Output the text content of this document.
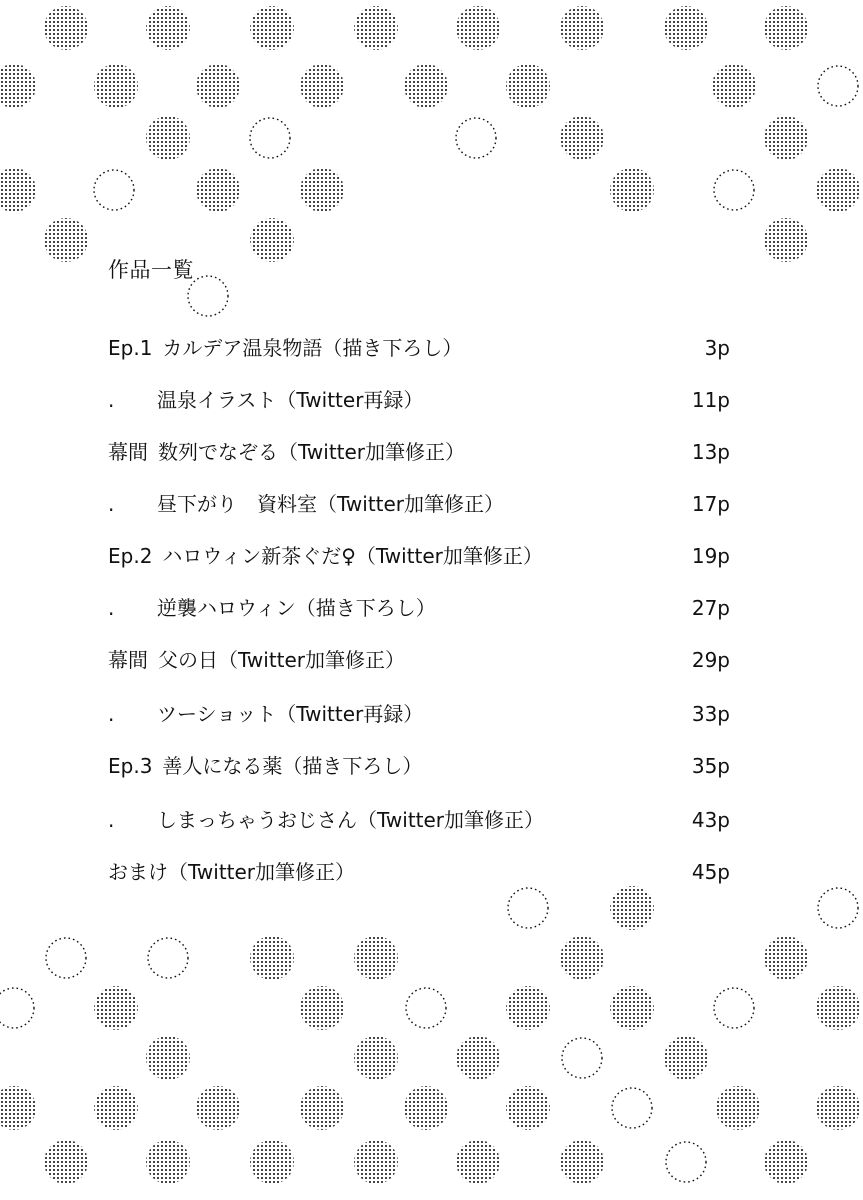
作品一覧
Ep.1 カルデア温泉物語（描き下ろし）	3p
. 温泉イラスト（Twitter再録）	11p
幕間 数列でなぞる（Twitter加筆修正）	13p
. 昼下がり　資料室（Twitter加筆修正）	17p
Ep.2 ハロウィン新茶ぐだ♀（Twitter加筆修正）	19p
. 逆襲ハロウィン（描き下ろし）	27p
幕間 父の日（Twitter加筆修正）	29p
. ツーショット（Twitter再録）	33p
Ep.3 善人になる薬（描き下ろし）	35p
. しまっちゃうおじさん（Twitter加筆修正）	43p
おまけ（Twitter加筆修正）	45p
